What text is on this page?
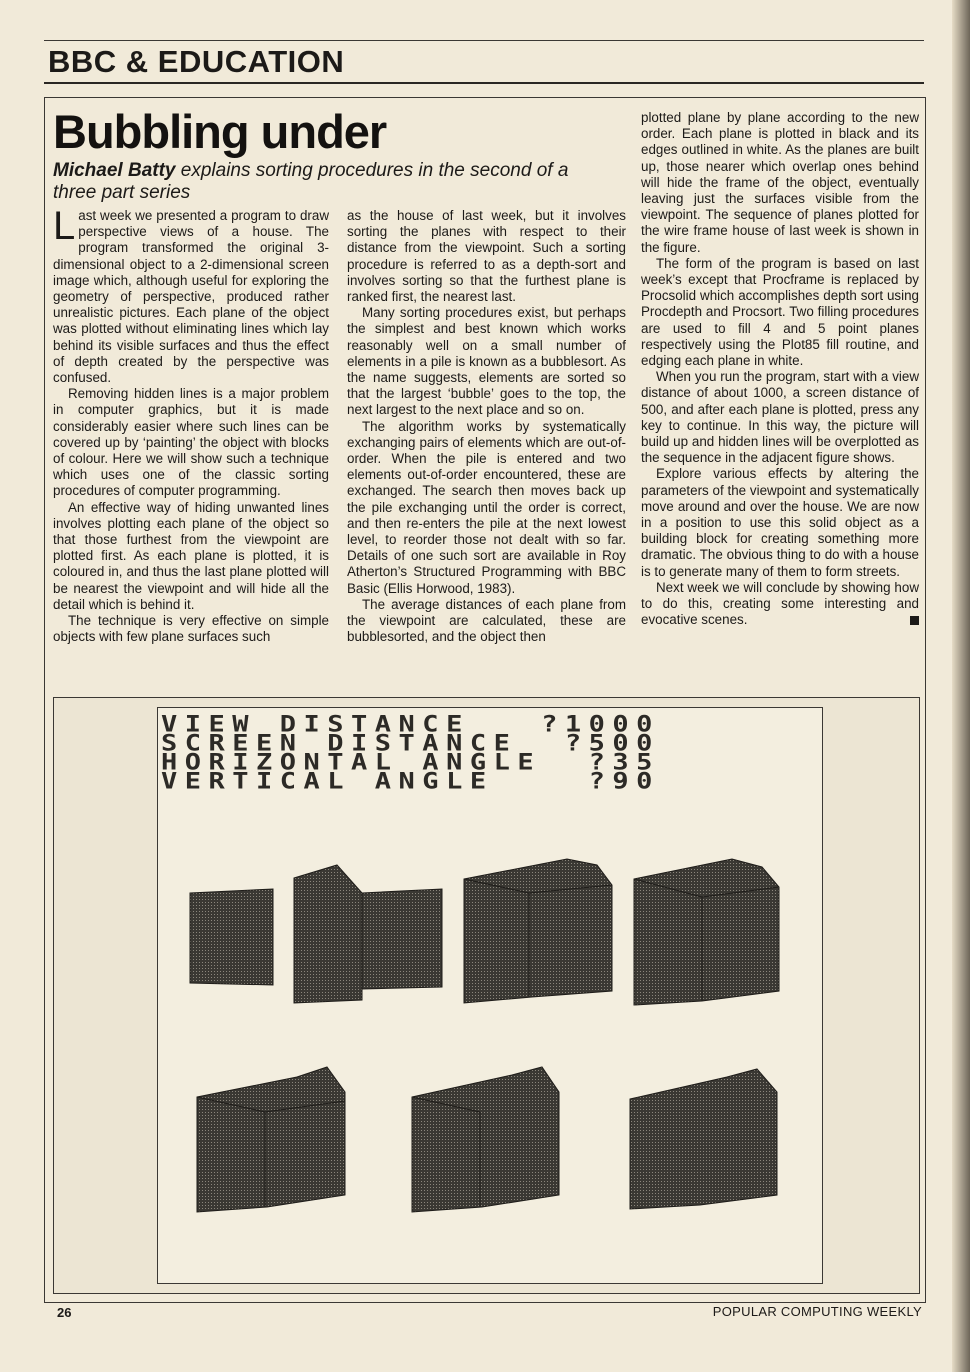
BBC & EDUCATION
Bubbling under
Michael Batty explains sorting procedures in the second of a three part series

Last week we presented a program to draw perspective views of a house. The program transformed the original 3-dimensional object to a 2-dimensional screen image which, although useful for exploring the geometry of perspective, produced rather unrealistic pictures. Each plane of the object was plotted without eliminating lines which lay behind its visible surfaces and thus the effect of depth created by the perspective was confused.

Removing hidden lines is a major problem in computer graphics, but it is made considerably easier where such lines can be covered up by ‘painting’ the object with blocks of colour. Here we will show such a technique which uses one of the classic sorting procedures of computer programming.

An effective way of hiding unwanted lines involves plotting each plane of the object so that those furthest from the viewpoint are plotted first. As each plane is plotted, it is coloured in, and thus the last plane plotted will be nearest the viewpoint and will hide all the detail which is behind it.

The technique is very effective on simple objects with few plane surfaces such

as the house of last week, but it involves sorting the planes with respect to their distance from the viewpoint. Such a sorting procedure is referred to as a depth-sort and involves sorting so that the furthest plane is ranked first, the nearest last.

Many sorting procedures exist, but perhaps the simplest and best known which works reasonably well on a small number of elements in a pile is known as a bubblesort. As the name suggests, elements are sorted so that the largest ‘bubble’ goes to the top, the next largest to the next place and so on.

The algorithm works by systematically exchanging pairs of elements which are out-of-order. When the pile is entered and two elements out-of-order encountered, these are exchanged. The search then moves back up the pile exchanging until the order is correct, and then re-enters the pile at the next lowest level, to reorder those not dealt with so far. Details of one such sort are available in Roy Atherton’s Structured Programming with BBC Basic (Ellis Horwood, 1983).

The average distances of each plane from the viewpoint are calculated, these are bubblesorted, and the object then

plotted plane by plane according to the new order. Each plane is plotted in black and its edges outlined in white. As the planes are built up, those nearer which overlap ones behind will hide the frame of the object, eventually leaving just the surfaces visible from the viewpoint. The sequence of planes plotted for the wire frame house of last week is shown in the figure.

The form of the program is based on last week’s except that Procframe is replaced by Procsolid which accomplishes depth sort using Procdepth and Procsort. Two filling procedures are used to fill 4 and 5 point planes respectively using the Plot85 fill routine, and edging each plane in white.

When you run the program, start with a view distance of about 1000, a screen distance of 500, and after each plane is plotted, press any key to continue. In this way, the picture will build up and hidden lines will be overplotted as the sequence in the adjacent figure shows.

Explore various effects by altering the parameters of the viewpoint and systematically move around and over the house. We are now in a position to use this solid object as a building block for creating something more dramatic. The obvious thing to do with a house is to generate many of them to form streets.

Next week we will conclude by showing how to do this, creating some interesting and evocative scenes.

VIEW DISTANCE   ?1000
SCREEN DISTANCE  ?500
HORIZONTAL ANGLE  ?35
VERTICAL ANGLE    ?90
26	POPULAR COMPUTING WEEKLY
